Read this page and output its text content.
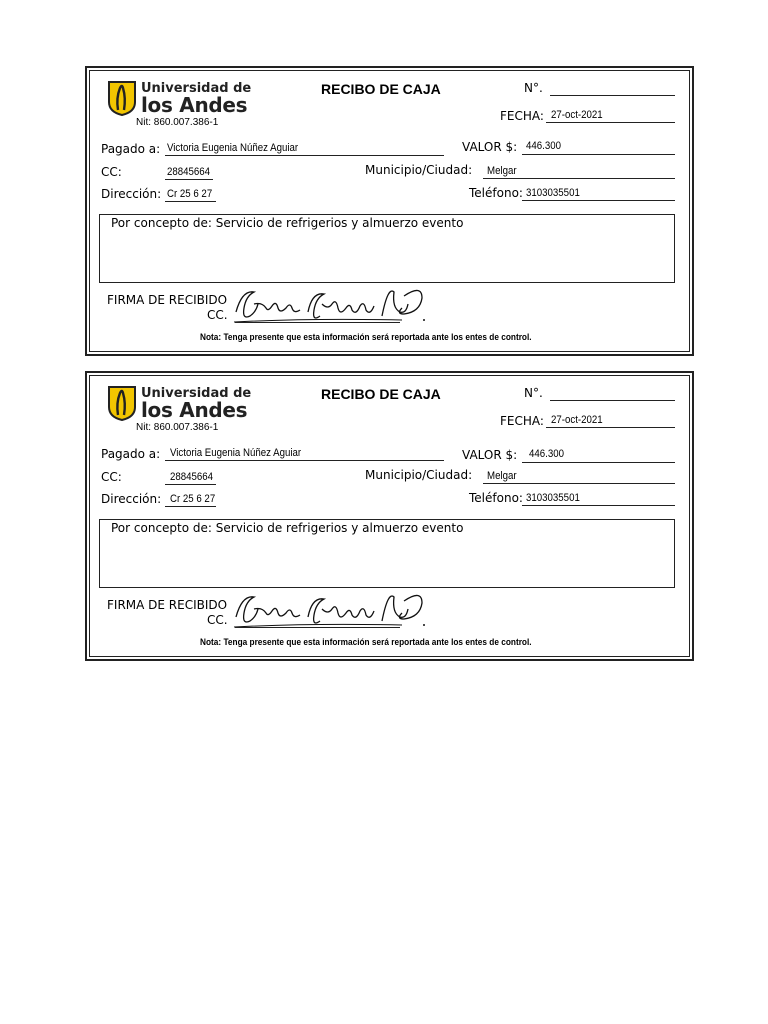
Universidad de
los Andes
Nit: 860.007.386-1
RECIBO DE CAJA	N°.
FECHA: 27-oct-2021
Pagado a: Victoria Eugenia Núñez Aguiar	VALOR $: 446.300
CC:	28845664	Municipio/Ciudad: Melgar
Dirección: Cr 25 6 27	Teléfono: 3103035501
Por concepto de: Servicio de refrigerios y almuerzo evento
FIRMA DE RECIBIDO
CC.
Nota: Tenga presente que esta información será reportada ante los entes de control.
Universidad de
los Andes
Nit: 860.007.386-1
RECIBO DE CAJA	N°.
FECHA: 27-oct-2021
Pagado a: Victoria Eugenia Núñez Aguiar	VALOR $: 446.300
CC:	28845664	Municipio/Ciudad: Melgar
Dirección: Cr 25 6 27	Teléfono: 3103035501
Por concepto de: Servicio de refrigerios y almuerzo evento
FIRMA DE RECIBIDO
CC.
Nota: Tenga presente que esta información será reportada ante los entes de control.
